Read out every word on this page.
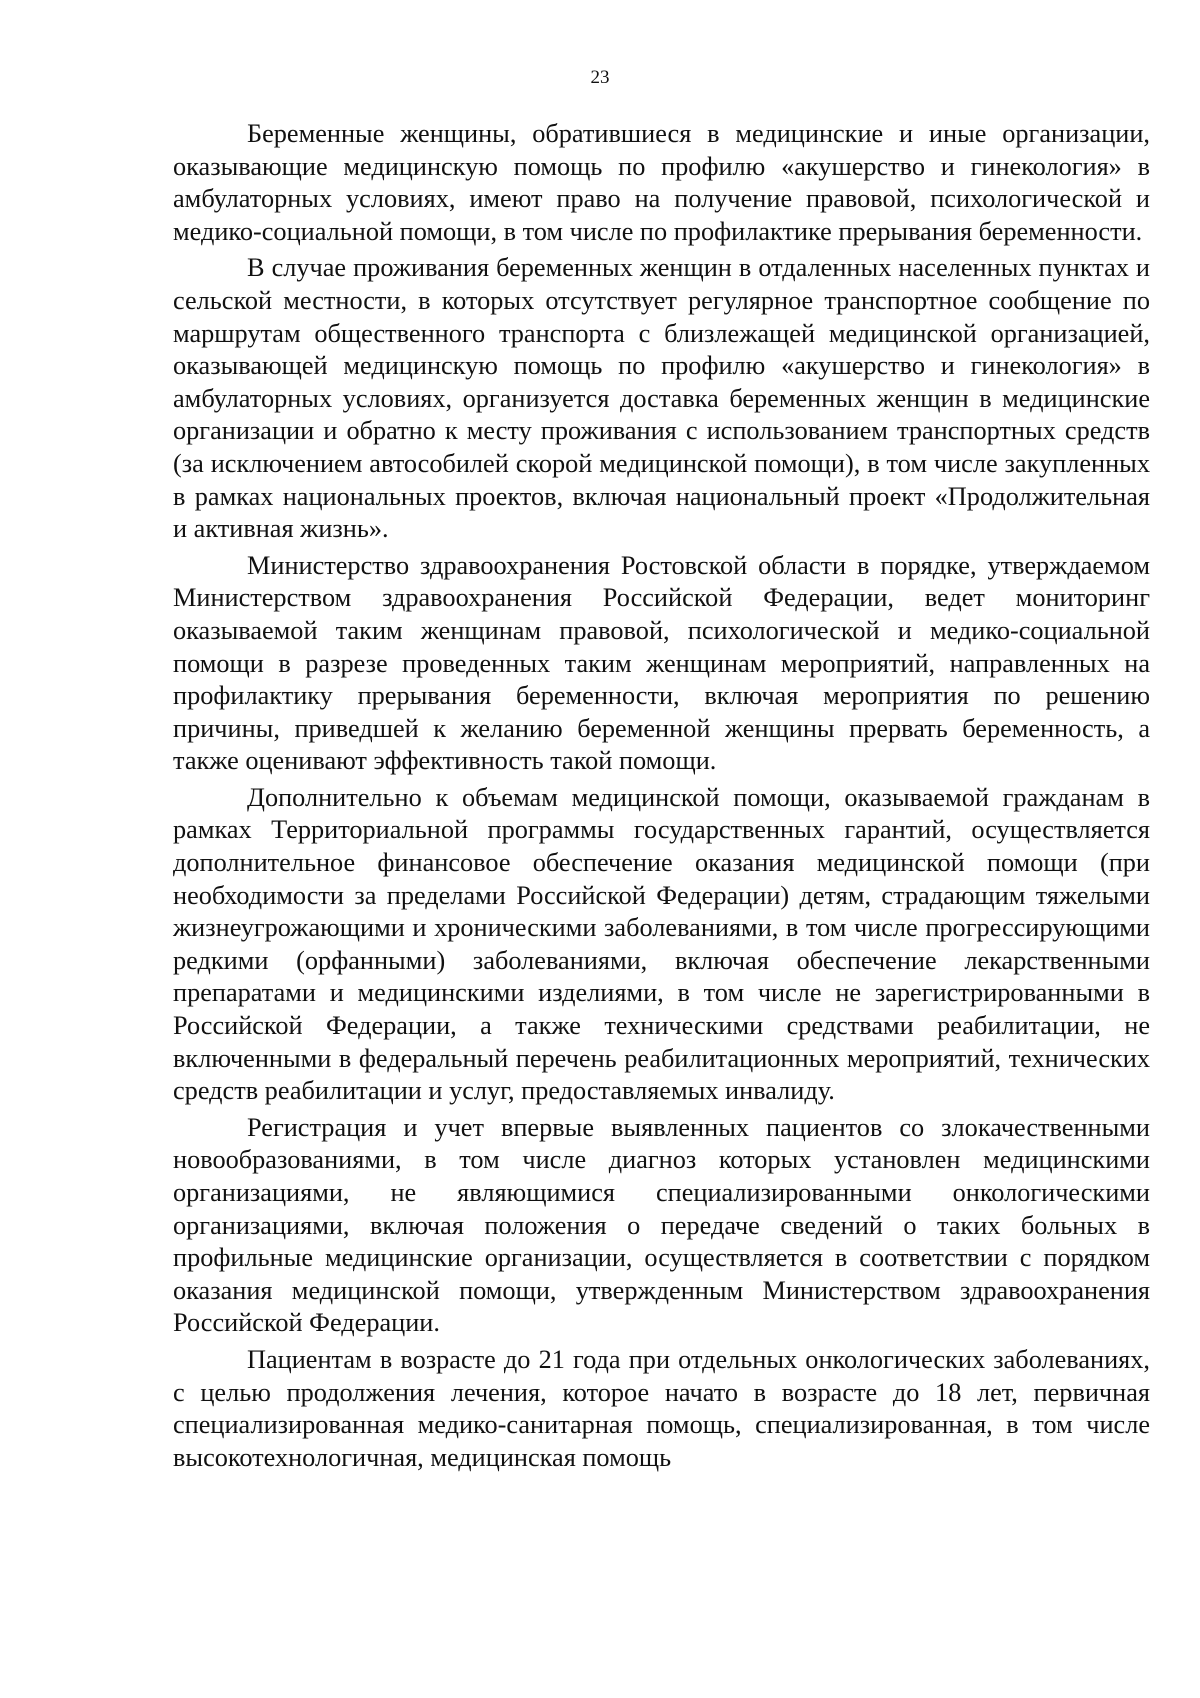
23

Беременные женщины, обратившиеся в медицинские и иные организации, оказывающие медицинскую помощь по профилю «акушерство и гинекология» в амбулаторных условиях, имеют право на получение правовой, психологической и медико-социальной помощи, в том числе по профилактике прерывания беременности.

В случае проживания беременных женщин в отдаленных населенных пунктах и сельской местности, в которых отсутствует регулярное транспортное сообщение по маршрутам общественного транспорта с близлежащей медицинской организацией, оказывающей медицинскую помощь по профилю «акушерство и гинекология» в амбулаторных условиях, организуется доставка беременных женщин в медицинские организации и обратно к месту проживания с использованием транспортных средств (за исключением автособилей скорой медицинской помощи), в том числе закупленных в рамках национальных проектов, включая национальный проект «Продолжительная и активная жизнь».

Министерство здравоохранения Ростовской области в порядке, утверждаемом Министерством здравоохранения Российской Федерации, ведет мониторинг оказываемой таким женщинам правовой, психологической и медико-социальной помощи в разрезе проведенных таким женщинам мероприятий, направленных на профилактику прерывания беременности, включая мероприятия по решению причины, приведшей к желанию беременной женщины прервать беременность, а также оценивают эффективность такой помощи.

Дополнительно к объемам медицинской помощи, оказываемой гражданам в рамках Территориальной программы государственных гарантий, осуществляется дополнительное финансовое обеспечение оказания медицинской помощи (при необходимости за пределами Российской Федерации) детям, страдающим тяжелыми жизнеугрожающими и хроническими заболеваниями, в том числе прогрессирующими редкими (орфанными) заболеваниями, включая обеспечение лекарственными препаратами и медицинскими изделиями, в том числе не зарегистрированными в Российской Федерации, а также техническими средствами реабилитации, не включенными в федеральный перечень реабилитационных мероприятий, технических средств реабилитации и услуг, предоставляемых инвалиду.

Регистрация и учет впервые выявленных пациентов со злокачественными новообразованиями, в том числе диагноз которых установлен медицинскими организациями, не являющимися специализированными онкологическими организациями, включая положения о передаче сведений о таких больных в профильные медицинские организации, осуществляется в соответствии с порядком оказания медицинской помощи, утвержденным Министерством здравоохранения Российской Федерации.

Пациентам в возрасте до 21 года при отдельных онкологических заболеваниях, с целью продолжения лечения, которое начато в возрасте до 18 лет, первичная специализированная медико-санитарная помощь, специализированная, в том числе высокотехнологичная, медицинская помощь
